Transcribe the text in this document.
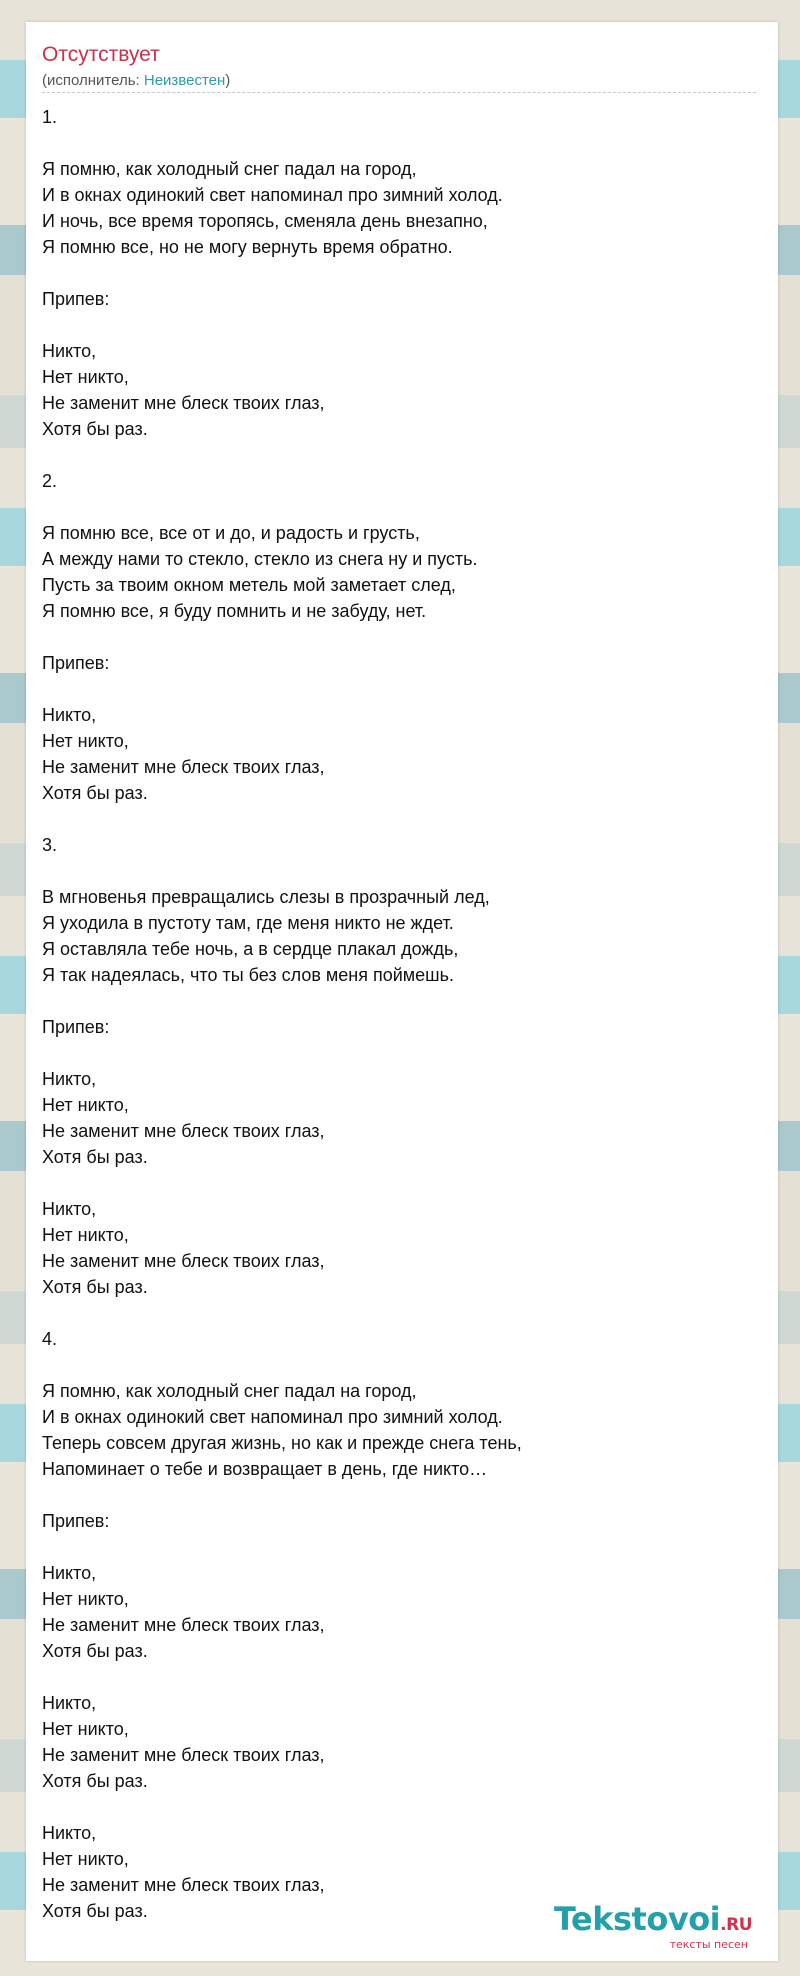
Отсутствует
(исполнитель: Неизвестен)
1.
Я помню, как холодный снег падал на город,
И в окнах одинокий свет напоминал про зимний холод.
И ночь, все время торопясь, сменяла день внезапно,
Я помню все, но не могу вернуть время обратно.
Припев:
Никто,
Нет никто,
Не заменит мне блеск твоих глаз,
Хотя бы раз.
2.
Я помню все, все от и до, и радость и грусть,
А между нами то стекло, стекло из снега ну и пусть.
Пусть за твоим окном метель мой заметает след,
Я помню все, я буду помнить и не забуду, нет.
Припев:
Никто,
Нет никто,
Не заменит мне блеск твоих глаз,
Хотя бы раз.
3.
В мгновенья превращались слезы в прозрачный лед,
Я уходила в пустоту там, где меня никто не ждет.
Я оставляла тебе ночь, а в сердце плакал дождь,
Я так надеялась, что ты без слов меня поймешь.
Припев:
Никто,
Нет никто,
Не заменит мне блеск твоих глаз,
Хотя бы раз.
Никто,
Нет никто,
Не заменит мне блеск твоих глаз,
Хотя бы раз.
4.
Я помню, как холодный снег падал на город,
И в окнах одинокий свет напоминал про зимний холод.
Теперь совсем другая жизнь, но как и прежде снега тень,
Напоминает о тебе и возвращает в день, где никто…
Припев:
Никто,
Нет никто,
Не заменит мне блеск твоих глаз,
Хотя бы раз.
Никто,
Нет никто,
Не заменит мне блеск твоих глаз,
Хотя бы раз.
Никто,
Нет никто,
Не заменит мне блеск твоих глаз,
Хотя бы раз.	Tekstovoi.RU
тексты песен
